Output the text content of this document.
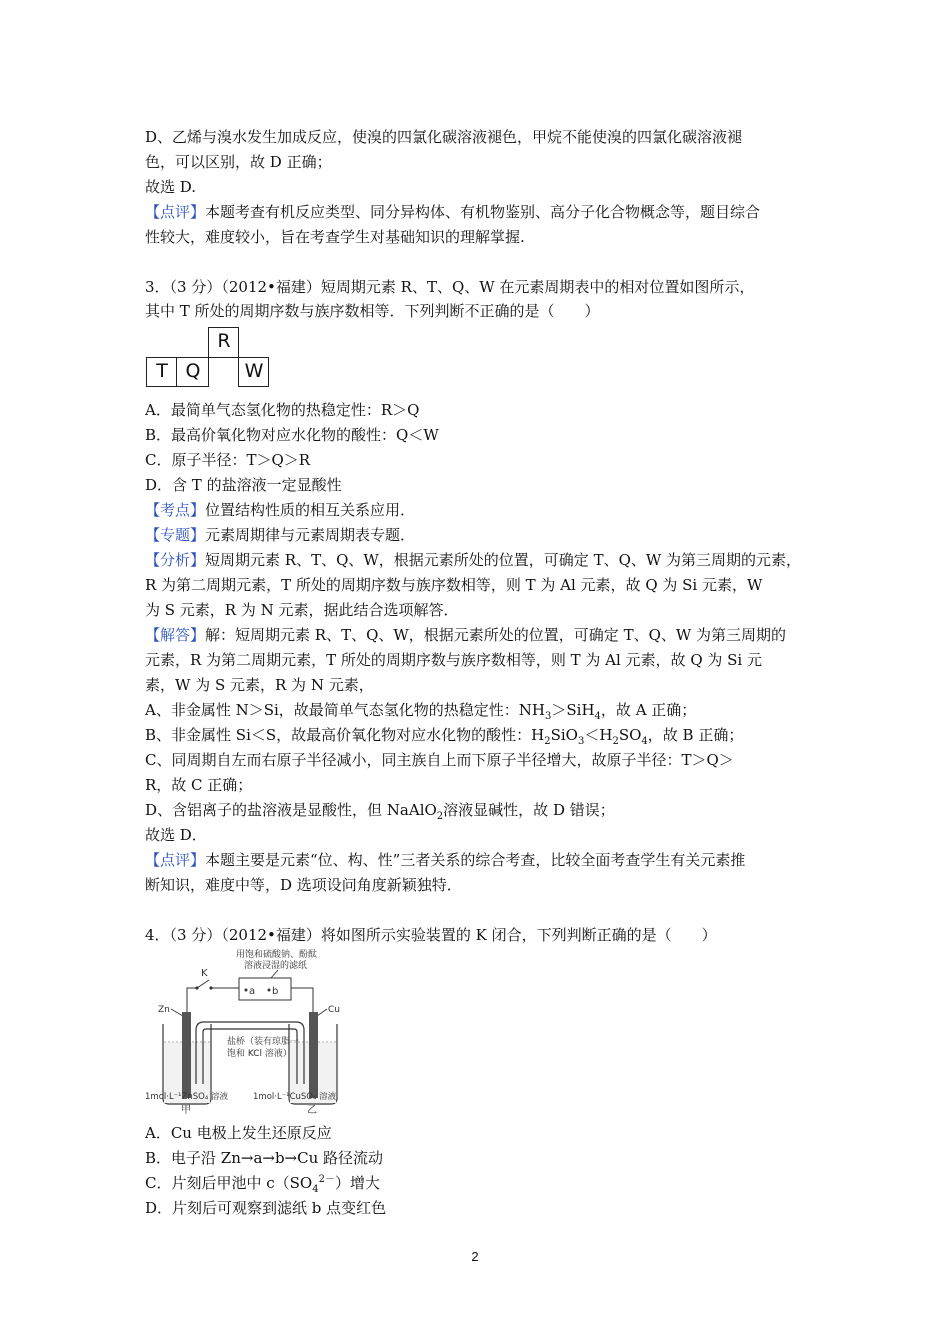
D、乙烯与溴水发生加成反应，使溴的四氯化碳溶液褪色，甲烷不能使溴的四氯化碳溶液褪
色，可以区别，故 D 正确；
故选 D.
【点评】本题考查有机反应类型、同分异构体、有机物鉴别、高分子化合物概念等，题目综合
性较大，难度较小，旨在考查学生对基础知识的理解掌握.
3．（3 分）（2012•福建）短周期元素 R、T、Q、W 在元素周期表中的相对位置如图所示，
其中 T 所处的周期序数与族序数相等．下列判断不正确的是（　　）
R
T Q	W
A．最简单气态氢化物的热稳定性：R＞Q
B．最高价氧化物对应水化物的酸性：Q＜W
C．原子半径：T＞Q＞R
D．含 T 的盐溶液一定显酸性
【考点】位置结构性质的相互关系应用．
【专题】元素周期律与元素周期表专题．
【分析】短周期元素 R、T、Q、W，根据元素所处的位置，可确定 T、Q、W 为第三周期的元素，
R 为第二周期元素，T 所处的周期序数与族序数相等，则 T 为 Al 元素，故 Q 为 Si 元素，W
为 S 元素，R 为 N 元素，据此结合选项解答．
【解答】解：短周期元素 R、T、Q、W，根据元素所处的位置，可确定 T、Q、W 为第三周期的
元素，R 为第二周期元素，T 所处的周期序数与族序数相等，则 T 为 Al 元素，故 Q 为 Si 元
素，W 为 S 元素，R 为 N 元素，
A、非金属性 N＞Si，故最简单气态氢化物的热稳定性：$NH_3>SiH_4$，故 A 正确；
B、非金属性 Si＜S，故最高价氧化物对应水化物的酸性：$H_2SiO_3<H_2SO_4$，故 B 正确；
C、同周期自左而右原子半径减小，同主族自上而下原子半径增大，故原子半径：T＞Q＞
R，故 C 正确；
D、含铝离子的盐溶液是显酸性，但 NaAlO$_2$溶液显碱性，故 D 错误；
故选 D．
【点评】本题主要是元素“位、构、性”三者关系的综合考查，比较全面考查学生有关元素推
断知识，难度中等，D 选项设问角度新颖独特．
4．（3 分）（2012•福建）将如图所示实验装置的 K 闭合，下列判断正确的是（　　）
用饱和硫酸钠、酚酞
溶液浸湿的滤纸
a b
K
Zn	Cu
盐桥（装有琼脂一
饱和 KCl 溶液）
1mol·L⁻¹ZnSO₄ 溶液	1mol·L⁻¹CuSO₄ 溶液
甲	乙
A．Cu 电极上发生还原反应
B．电子沿 Zn→a→b→Cu 路径流动
C．片刻后甲池中 $c(SO_4^{2-})$增大
D．片刻后可观察到滤纸 b 点变红色
2
